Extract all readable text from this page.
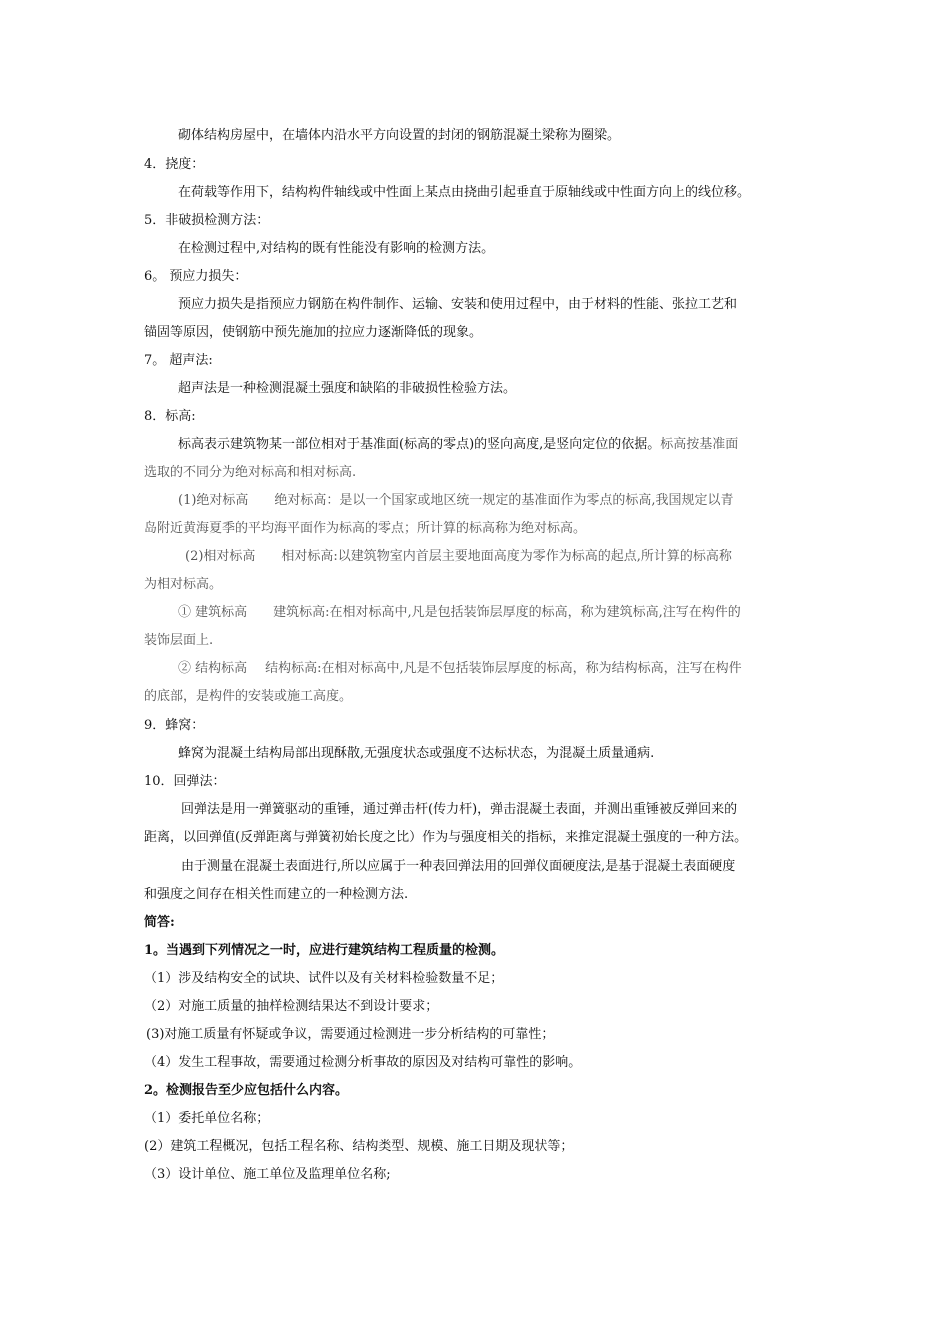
砌体结构房屋中，在墙体内沿水平方向设置的封闭的钢筋混凝土梁称为圈梁。
4．挠度：
在荷载等作用下，结构构件轴线或中性面上某点由挠曲引起垂直于原轴线或中性面方向上的线位移。
5．非破损检测方法：
在检测过程中,对结构的既有性能没有影响的检测方法。
6。 预应力损失：
预应力损失是指预应力钢筋在构件制作、运输、安装和使用过程中，由于材料的性能、张拉工艺和
锚固等原因，使钢筋中预先施加的拉应力逐渐降低的现象。
7。 超声法:
超声法是一种检测混凝土强度和缺陷的非破损性检验方法。
8．标高:
标高表示建筑物某一部位相对于基准面(标高的零点)的竖向高度,是竖向定位的依据。标高按基准面
选取的不同分为绝对标高和相对标高.
(1)绝对标高 绝对标高：是以一个国家或地区统一规定的基准面作为零点的标高,我国规定以青
岛附近黄海夏季的平均海平面作为标高的零点；所计算的标高称为绝对标高。
(2)相对标高 相对标高:以建筑物室内首层主要地面高度为零作为标高的起点,所计算的标高称
为相对标高。
① 建筑标高 建筑标高:在相对标高中,凡是包括装饰层厚度的标高，称为建筑标高,注写在构件的
装饰层面上.
② 结构标高 结构标高:在相对标高中,凡是不包括装饰层厚度的标高，称为结构标高，注写在构件
的底部，是构件的安装或施工高度。
9．蜂窝：
蜂窝为混凝土结构局部出现酥散,无强度状态或强度不达标状态，为混凝土质量通病.
10．回弹法：
回弹法是用一弹簧驱动的重锤，通过弹击杆(传力杆)，弹击混凝土表面，并测出重锤被反弹回来的
距离，以回弹值(反弹距离与弹簧初始长度之比）作为与强度相关的指标，来推定混凝土强度的一种方法。
由于测量在混凝土表面进行,所以应属于一种表回弹法用的回弹仪面硬度法,是基于混凝土表面硬度
和强度之间存在相关性而建立的一种检测方法.
简答:
1。当遇到下列情况之一时，应进行建筑结构工程质量的检测。
（1）涉及结构安全的试块、试件以及有关材料检验数量不足；
（2）对施工质量的抽样检测结果达不到设计要求；
(3)对施工质量有怀疑或争议，需要通过检测进一步分析结构的可靠性；
（4）发生工程事故，需要通过检测分析事故的原因及对结构可靠性的影响。
2。检测报告至少应包括什么内容。
（1）委托单位名称；
(2）建筑工程概况，包括工程名称、结构类型、规模、施工日期及现状等；
（3）设计单位、施工单位及监理单位名称;
